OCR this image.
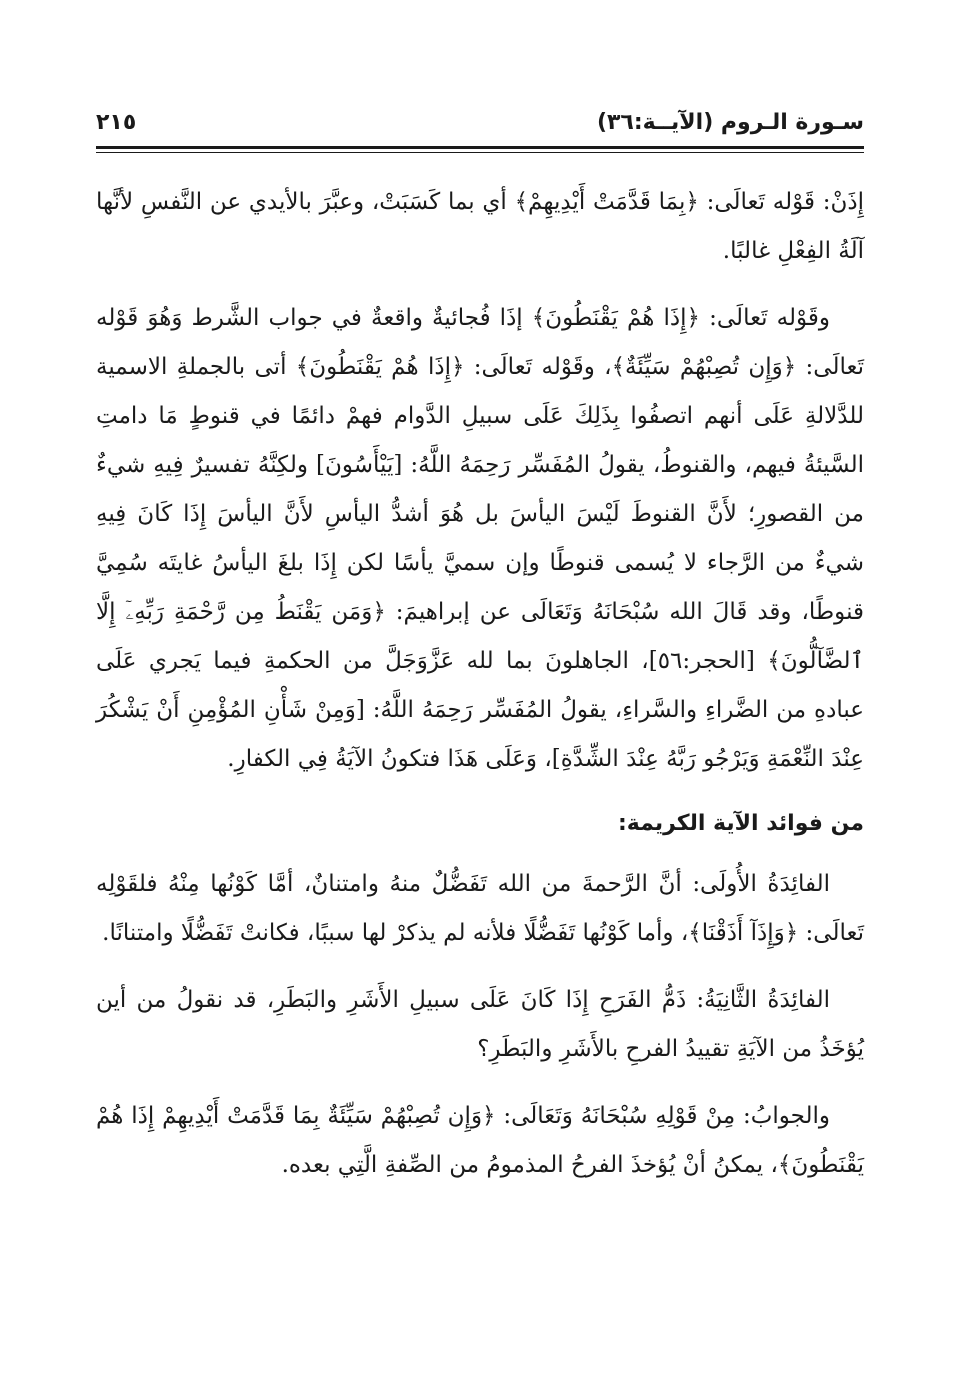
سـورة الـروم (الآيــة:٣٦)
٢١٥

إِذَنْ: قَوْله تَعالَى: ﴿بِمَا قَدَّمَتْ أَيْدِيهِمْ﴾ أي بما كَسَبَتْ، وعبَّرَ بالأيدي عن النَّفسِ لأنَّها آلَةُ الفِعْلِ غالبًا.

وقَوْله تَعالَى: ﴿إِذَا هُمْ يَقْنَطُونَ﴾ إذَا فُجائيةٌ واقعةٌ في جواب الشَّرط وَهُوَ قَوْله تَعالَى: ﴿وَإِن تُصِبْهُمْ سَيِّئَةٌ﴾، وقَوْله تَعالَى: ﴿إِذَا هُمْ يَقْنَطُونَ﴾ أتى بالجملةِ الاسمية للدَّلالةِ عَلَى أنهم اتصفُوا بِذَلِكَ عَلَى سبيلِ الدَّوام فهمْ دائمًا في قنوطٍ مَا دامتِ السَّيئةُ فيهم، والقنوطُ، يقولُ المُفَسِّر رَحِمَهُ اللَّهُ: [يَيْأَسُونَ] ولكِنَّهُ تفسيرٌ فِيهِ شيءٌ من القصورِ؛ لأَنَّ القنوطَ لَيْسَ اليأسَ بل هُوَ أشدُّ اليأسِ لأَنَّ اليأسَ إِذَا كَانَ فِيهِ شيءٌ من الرَّجاء لا يُسمى قنوطًا وإن سميَّ يأسًا لكن إِذَا بلغَ اليأسُ غايتَه سُمِيَّ قنوطًا، وقد قَالَ الله سُبْحَانَهُ وَتَعَالَى عن إبراهيمَ: ﴿وَمَن يَقْنَطُ مِن رَّحْمَةِ رَبِّهِۦٓ إِلَّا ٱلضَّآلُّونَ﴾ [الحجر:٥٦]، الجاهلونَ بما لله عَزَّوَجَلَّ من الحكمةِ فيما يَجري عَلَى عبادهِ من الضَّراءِ والسَّراءِ، يقولُ المُفَسِّر رَحِمَهُ اللَّهُ: [وَمِنْ شَأْنِ المُؤْمِنِ أَنْ يَشْكُرَ عِنْدَ النِّعْمَةِ وَيَرْجُو رَبَّهُ عِنْدَ الشِّدَّةِ]، وَعَلَى هَذَا فتكونُ الآيَةُ فِي الكفارِ.

من فوائد الآية الكريمة:

الفائِدَةُ الأُولَى: أنَّ الرَّحمةَ من الله تَفَضُّلٌ منهُ وامتنانٌ، أمَّا كَوْنُها مِنْهُ فلقَوْلِه تَعالَى: ﴿وَإِذَآ أَذَقْنَا﴾، وأما كَوْنُها تَفَضُّلًا فلأنه لم يذكرْ لها سببًا، فكانتْ تَفَضُّلًا وامتنانًا.

الفائِدَةُ الثَّانِيَةُ: ذَمُّ الفَرَحِ إِذَا كَانَ عَلَى سبيلِ الأَشَرِ والبَطَرِ، قد نقولُ من أين يُؤخَذُ من الآيَةِ تقييدُ الفرحِ بالأَشَرِ والبَطَرِ؟

والجوابُ: مِنْ قَوْلِهِ سُبْحَانَهُ وَتَعَالَى: ﴿وَإِن تُصِبْهُمْ سَيِّئَةٌ بِمَا قَدَّمَتْ أَيْدِيهِمْ إِذَا هُمْ يَقْنَطُونَ﴾، يمكنُ أنْ يُؤخذَ الفرحُ المذمومُ من الصِّفةِ الَّتِي بعده.
